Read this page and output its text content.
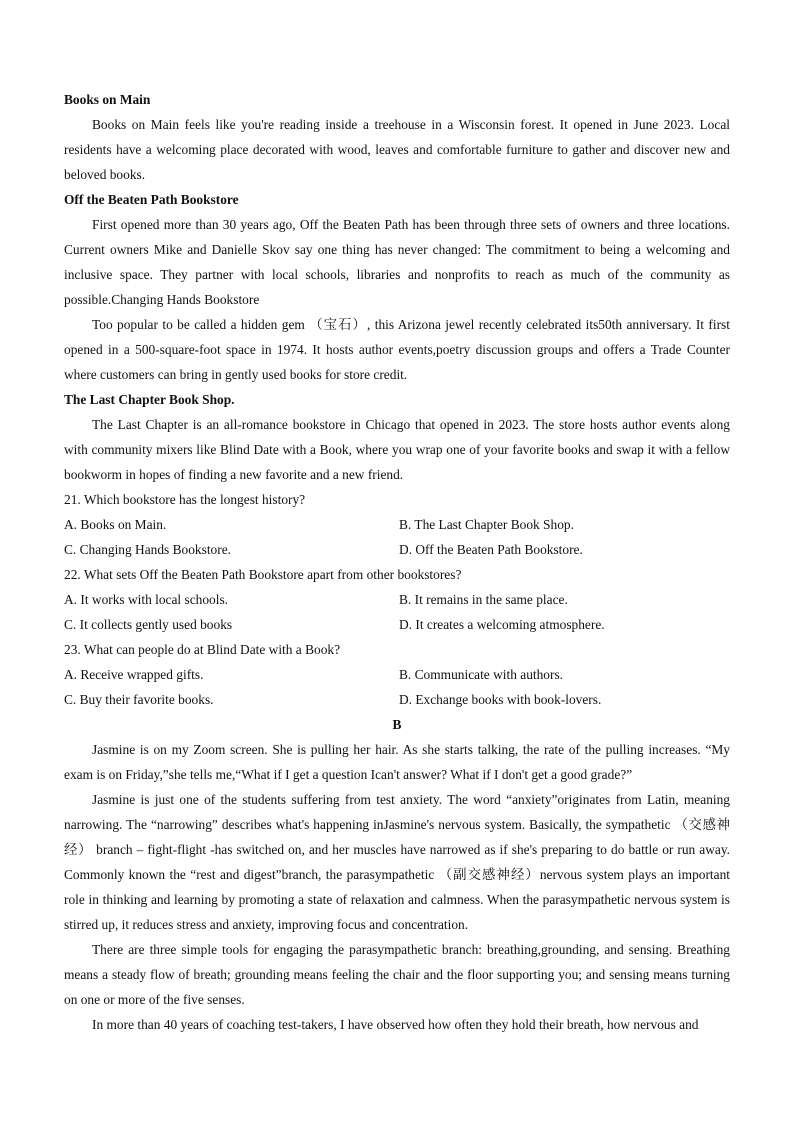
Books on Main

Books on Main feels like you're reading inside a treehouse in a Wisconsin forest. It opened in June 2023. Local residents have a welcoming place decorated with wood, leaves and comfortable furniture to gather and discover new and beloved books.

Off the Beaten Path Bookstore

First opened more than 30 years ago, Off the Beaten Path has been through three sets of owners and three locations. Current owners Mike and Danielle Skov say one thing has never changed: The commitment to being a welcoming and inclusive space. They partner with local schools, libraries and nonprofits to reach as much of the community as possible.Changing Hands Bookstore

Too popular to be called a hidden gem （宝石）, this Arizona jewel recently celebrated its50th anniversary. It first opened in a 500-square-foot space in 1974. It hosts author events,poetry discussion groups and offers a Trade Counter where customers can bring in gently used books for store credit.

The Last Chapter Book Shop.

The Last Chapter is an all-romance bookstore in Chicago that opened in 2023. The store hosts author events along with community mixers like Blind Date with a Book, where you wrap one of your favorite books and swap it with a fellow bookworm in hopes of finding a new favorite and a new friend.

21. Which bookstore has the longest history?

A. Books on Main.	B. The Last Chapter Book Shop.
C. Changing Hands Bookstore.	D. Off the Beaten Path Bookstore.

22. What sets Off the Beaten Path Bookstore apart from other bookstores?

A. It works with local schools.	B. It remains in the same place.
C. It collects gently used books	D. It creates a welcoming atmosphere.

23. What can people do at Blind Date with a Book?

A. Receive wrapped gifts.	B. Communicate with authors.
C. Buy their favorite books.	D. Exchange books with book-lovers.

B

Jasmine is on my Zoom screen. She is pulling her hair. As she starts talking, the rate of the pulling increases. “My exam is on Friday,”she tells me,“What if I get a question Ican't answer? What if I don't get a good grade?”

Jasmine is just one of the students suffering from test anxiety. The word “anxiety”originates from Latin, meaning narrowing. The “narrowing” describes what's happening inJasmine's nervous system. Basically, the sympathetic （交感神经） branch – fight-flight -has switched on, and her muscles have narrowed as if she's preparing to do battle or run away. Commonly known the “rest and digest”branch, the parasympathetic （副交感神经）nervous system plays an important role in thinking and learning by promoting a state of relaxation and calmness. When the parasympathetic nervous system is stirred up, it reduces stress and anxiety, improving focus and concentration.

There are three simple tools for engaging the parasympathetic branch: breathing,grounding, and sensing. Breathing means a steady flow of breath; grounding means feeling the chair and the floor supporting you; and sensing means turning on one or more of the five senses.

In more than 40 years of coaching test-takers, I have observed how often they hold their breath, how nervous and
